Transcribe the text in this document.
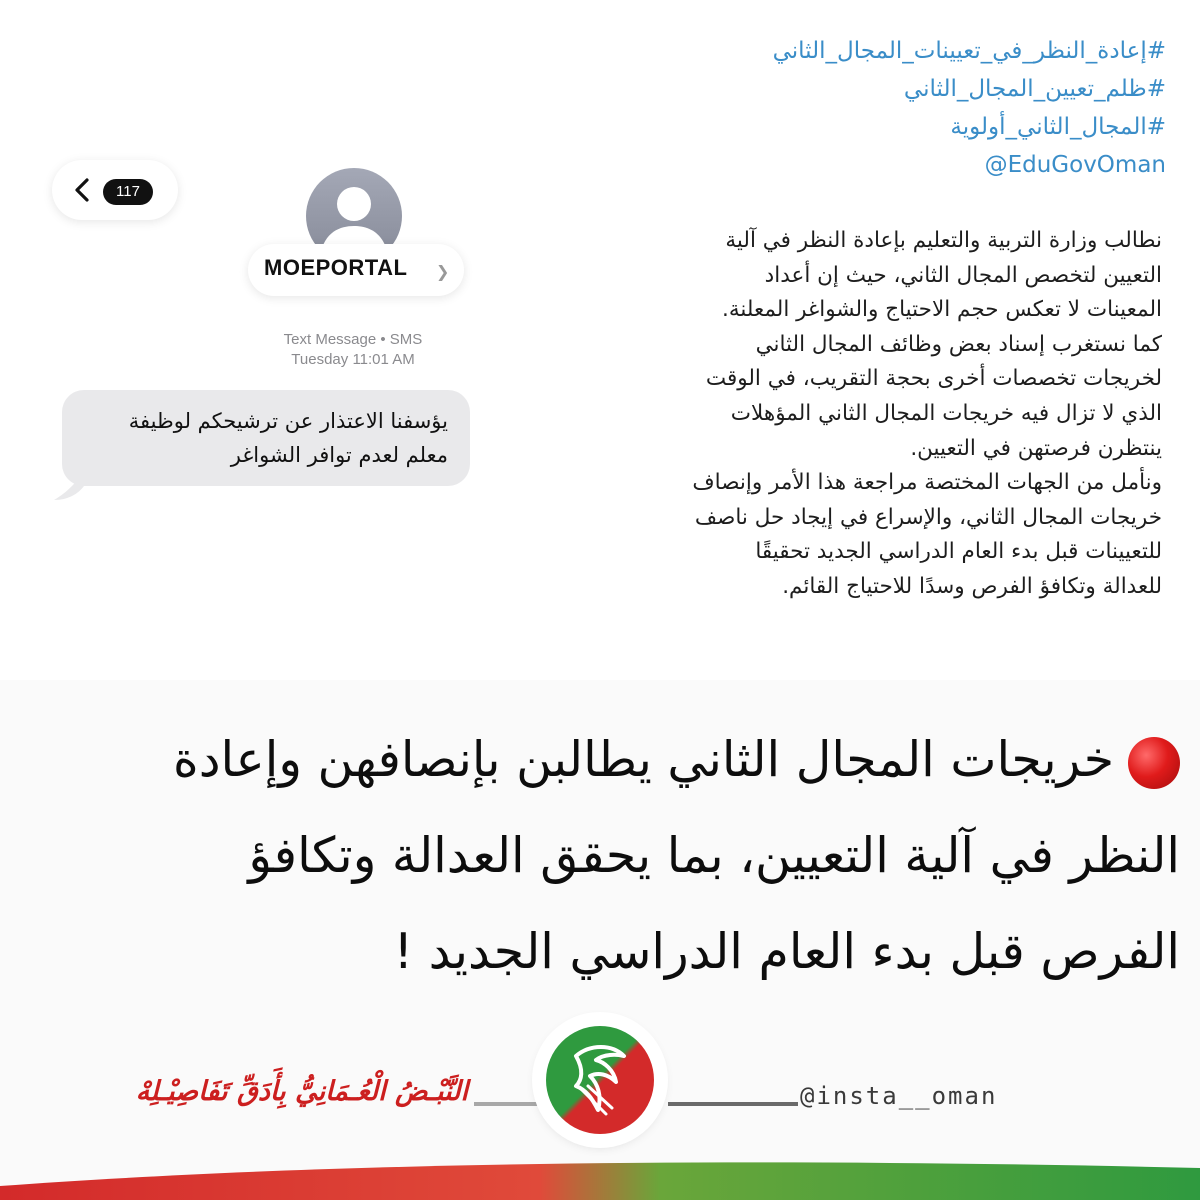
#إعادة_النظر_في_تعيينات_المجال_الثاني
#ظلم_تعيين_المجال_الثاني
#المجال_الثاني_أولوية
@EduGovOman
117
MOEPORTAL	❯
Text Message • SMS
Tuesday 11:01 AM
يؤسفنا الاعتذار عن ترشيحكم لوظيفة
معلم لعدم توافر الشواغر

نطالب وزارة التربية والتعليم بإعادة النظر في آلية

التعيين لتخصص المجال الثاني، حيث إن أعداد

المعينات لا تعكس حجم الاحتياج والشواغر المعلنة.

كما نستغرب إسناد بعض وظائف المجال الثاني

لخريجات تخصصات أخرى بحجة التقريب، في الوقت

الذي لا تزال فيه خريجات المجال الثاني المؤهلات

ينتظرن فرصتهن في التعيين.

ونأمل من الجهات المختصة مراجعة هذا الأمر وإنصاف

خريجات المجال الثاني، والإسراع في إيجاد حل ناصف

للتعيينات قبل بدء العام الدراسي الجديد تحقيقًا

للعدالة وتكافؤ الفرص وسدًا للاحتياج القائم.

خريجات المجال الثاني يطالبن بإنصافهن وإعادة
النظر في آلية التعيين، بما يحقق العدالة وتكافؤ
الفرص قبل بدء العام الدراسي الجديد !
@insta__oman
النَّبْـضُ الْعُـمَانِيُّ بِأَدَقِّ تَفَاصِيْـلِهْ
